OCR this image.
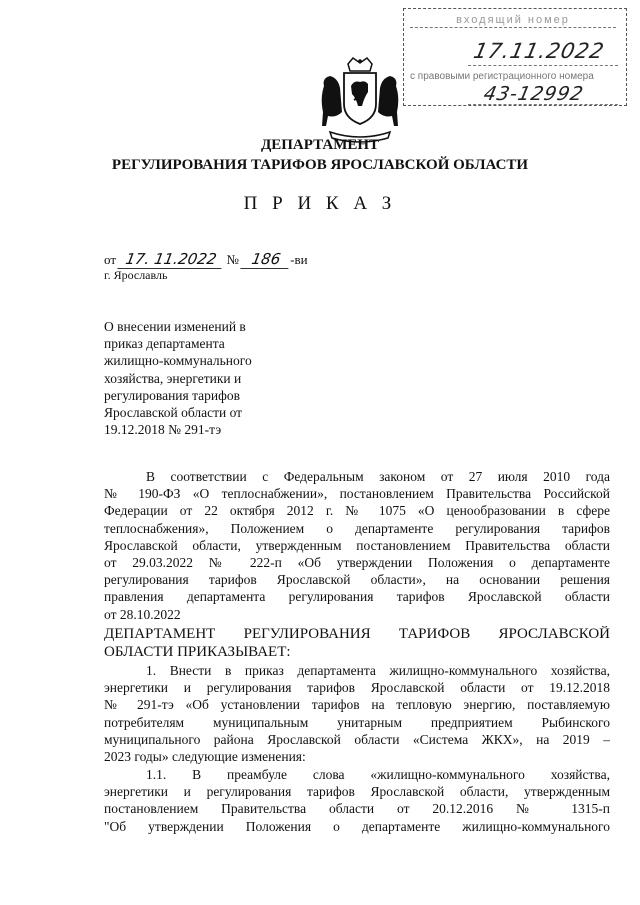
входящий номер
17.11.2022
с правовыми регистрационного номера
43-12992
ДЕПАРТАМЕНТ
РЕГУЛИРОВАНИЯ ТАРИФОВ ЯРОСЛАВСКОЙ ОБЛАСТИ
П Р И К А З
от 17. 11.2022 № 186 -ви
г. Ярославль
О внесении изменений в
приказ департамента
жилищно-коммунального
хозяйства, энергетики и
регулирования тарифов
Ярославской области от
19.12.2018 № 291-тэ
В соответствии с Федеральным законом от 27 июля 2010 года
№ 190-ФЗ «О теплоснабжении», постановлением Правительства Российской
Федерации от 22 октября 2012 г. № 1075 «О ценообразовании в сфере
теплоснабжения», Положением о департаменте регулирования тарифов
Ярославской области, утвержденным постановлением Правительства области
от 29.03.2022 № 222-п «Об утверждении Положения о департаменте
регулирования тарифов Ярославской области», на основании решения
правления департамента регулирования тарифов Ярославской области
от 28.10.2022
ДЕПАРТАМЕНТ РЕГУЛИРОВАНИЯ ТАРИФОВ ЯРОСЛАВСКОЙ
ОБЛАСТИ ПРИКАЗЫВАЕТ:
1. Внести в приказ департамента жилищно-коммунального хозяйства,
энергетики и регулирования тарифов Ярославской области от 19.12.2018
№ 291-тэ «Об установлении тарифов на тепловую энергию, поставляемую
потребителям муниципальным унитарным предприятием Рыбинского
муниципального района Ярославской области «Система ЖКХ», на 2019 –
2023 годы» следующие изменения:
1.1. В преамбуле слова «жилищно-коммунального хозяйства,
энергетики и регулирования тарифов Ярославской области, утвержденным
постановлением Правительства области от 20.12.2016 № 1315-п
"Об утверждении Положения о департаменте жилищно-коммунального
